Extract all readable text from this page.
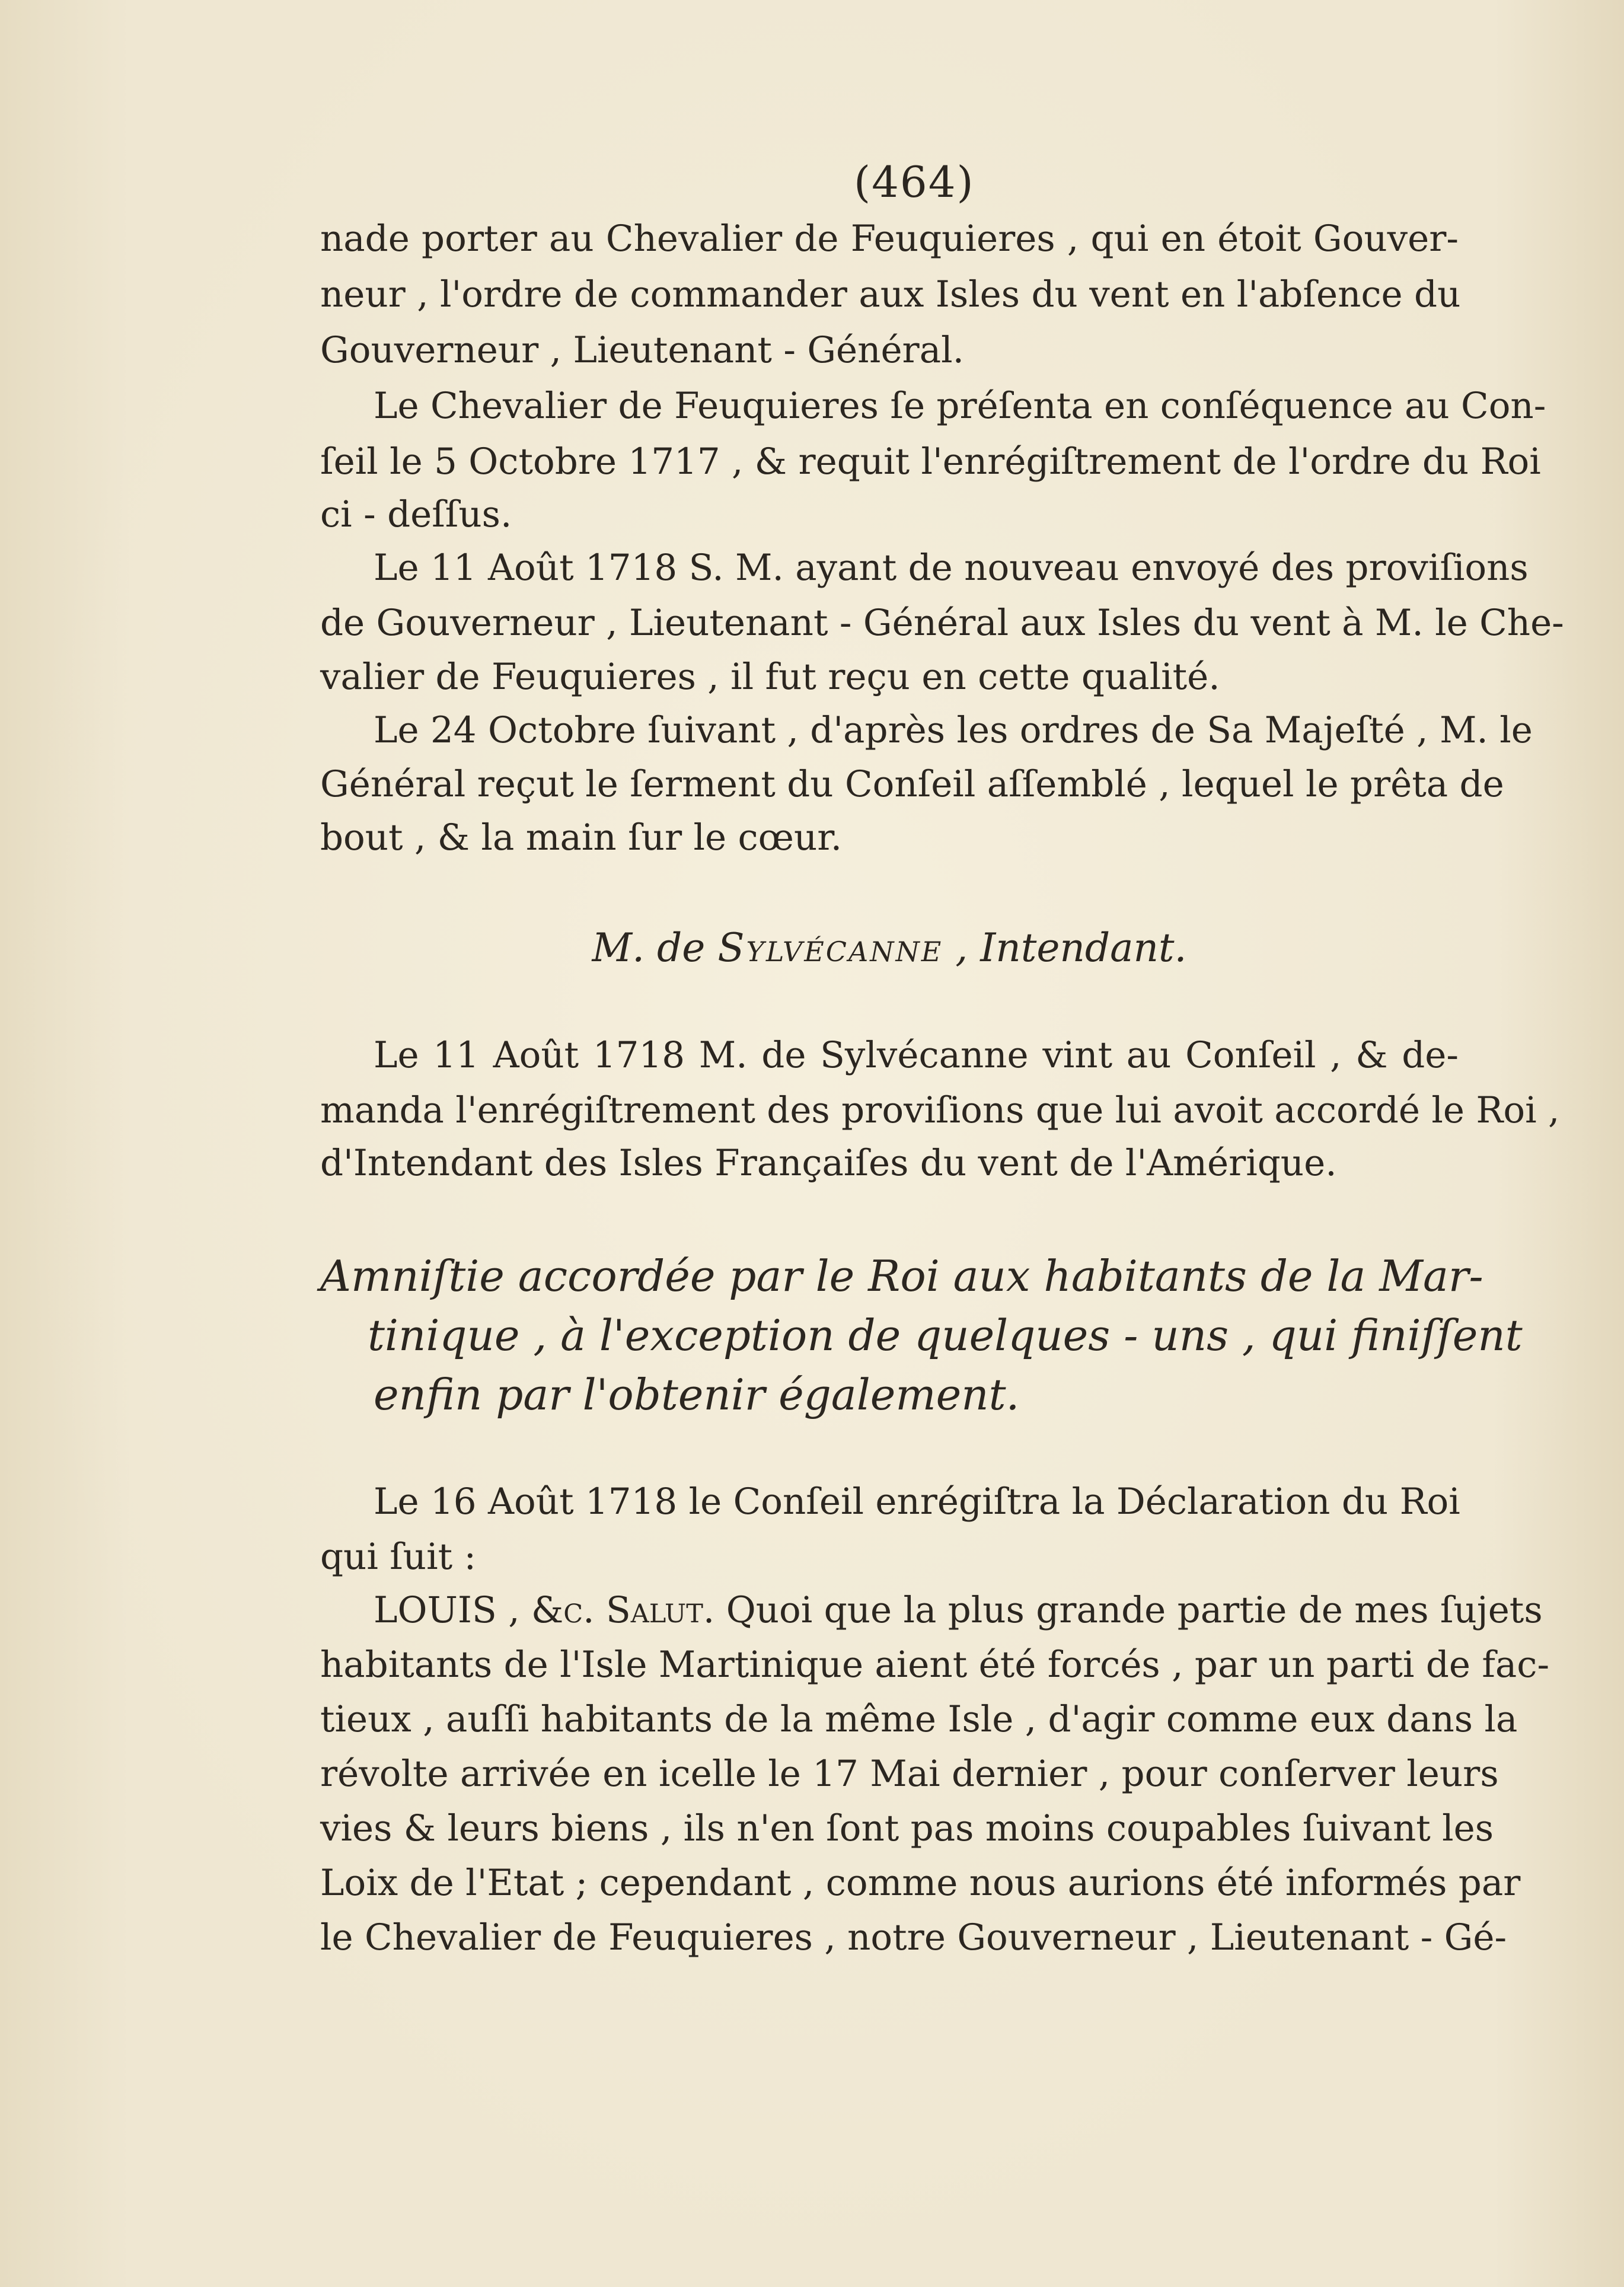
(464)
nade porter au Chevalier de Feuquieres , qui en étoit Gouver-
neur , l'ordre de commander aux Isles du vent en l'abſence du
Gouverneur , Lieutenant - Général.
Le Chevalier de Feuquieres ſe préſenta en conſéquence au Con-
ſeil le 5 Octobre 1717 , & requit l'enrégiſtrement de l'ordre du Roi
ci - deſſus.
Le 11 Août 1718 S. M. ayant de nouveau envoyé des proviſions
de Gouverneur , Lieutenant - Général aux Isles du vent à M. le Che-
valier de Feuquieres , il fut reçu en cette qualité.
Le 24 Octobre ſuivant , d'après les ordres de Sa Majeſté , M. le
Général reçut le ſerment du Conſeil aſſemblé , lequel le prêta de
bout , & la main ſur le cœur.
M. de Sylvécanne , Intendant.
Le 11 Août 1718 M. de Sylvécanne vint au Conſeil , & de-
manda l'enrégiſtrement des proviſions que lui avoit accordé le Roi ,
d'Intendant des Isles Françaiſes du vent de l'Amérique.
Amniſtie accordée par le Roi aux habitants de la Mar-
tinique , à l'exception de quelques - uns , qui finiſſent
enfin par l'obtenir également.
Le 16 Août 1718 le Conſeil enrégiſtra la Déclaration du Roi
qui ſuit :
LOUIS , &c. Salut. Quoi que la plus grande partie de mes ſujets
habitants de l'Isle Martinique aient été forcés , par un parti de fac-
tieux , auſſi habitants de la même Isle , d'agir comme eux dans la
révolte arrivée en icelle le 17 Mai dernier , pour conſerver leurs
vies & leurs biens , ils n'en ſont pas moins coupables ſuivant les
Loix de l'Etat ; cependant , comme nous aurions été informés par
le Chevalier de Feuquieres , notre Gouverneur , Lieutenant - Gé-
